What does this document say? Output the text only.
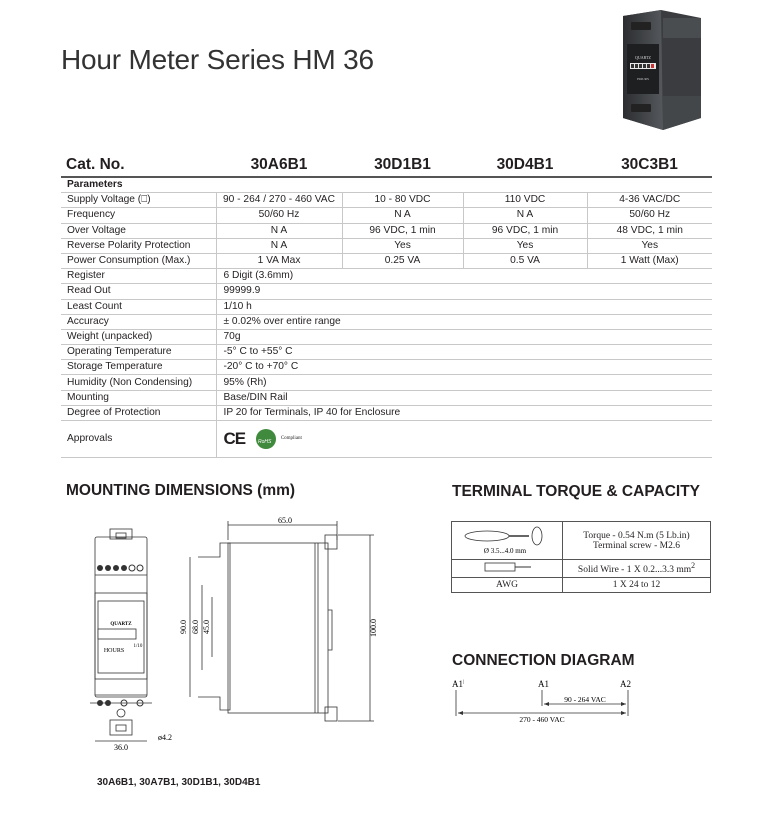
Hour Meter Series HM 36	QUARTZ
HOURS
Cat. No.	30A6B1	30D1B1	30D4B1	30C3B1
Parameters				
Supply Voltage (⎕)	90 - 264 / 270 - 460 VAC	10 - 80 VDC	110 VDC	4-36 VAC/DC
Frequency	50/60 Hz	N A	N A	50/60 Hz
Over Voltage	N A	96 VDC, 1 min	96 VDC, 1 min	48 VDC, 1 min
Reverse Polarity Protection	N A	Yes	Yes	Yes
Power Consumption (Max.)	1 VA Max	0.25 VA	0.5 VA	1 Watt (Max)
Register	6 Digit (3.6mm)			
Read Out	99999.9			
Least Count	1/10 h			
Accuracy	± 0.02% over entire range			
Weight (unpacked)	70g			
Operating Temperature	-5° C to +55° C			
Storage Temperature	-20° C to +70° C			
Humidity (Non Condensing)	95% (Rh)			
Mounting	Base/DIN Rail			
Degree of Protection	IP 20 for Terminals, IP 40 for Enclosure			
Approvals	CE RoHS
Compliant			
MOUNTING DIMENSIONS (mm)	TERMINAL TORQUE & CAPACITY
CONNECTION DIAGRAM
QUARTZ
HOURS
1/10
65.0
100.0
90.0 68.0 45.0
36.0
ø4.2
30A6B1, 30A7B1, 30D1B1, 30D4B1
Ø 3.5...4.0 mm	Torque - 0.54 N.m (5 Lb.in)
Terminal screw - M2.6

	Solid Wire - 1 X 0.2...3.3 $mm^2$
AWG	1 X 24 to 12
A1|	A1	A2
90 - 264 VAC
270 - 460 VAC
